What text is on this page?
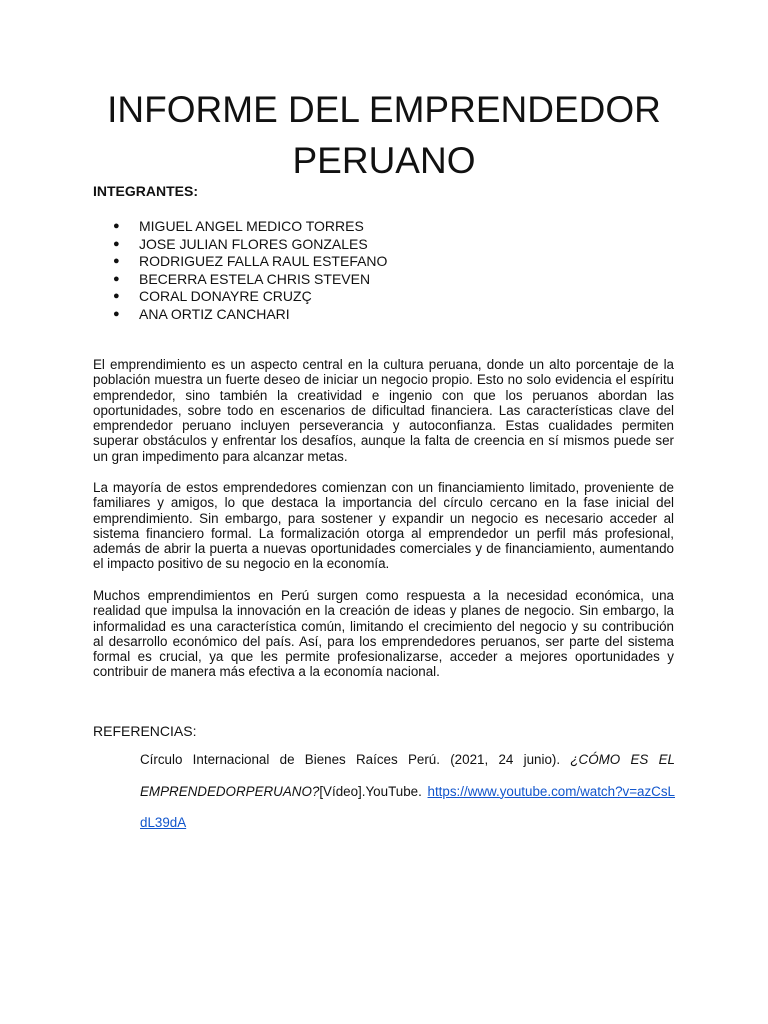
INFORME DEL EMPRENDEDOR PERUANO

INTEGRANTES:

● MIGUEL ANGEL MEDICO TORRES
● JOSE JULIAN FLORES GONZALES
● RODRIGUEZ FALLA RAUL ESTEFANO
● BECERRA ESTELA CHRIS STEVEN
● CORAL DONAYRE CRUZÇ
● ANA ORTIZ CANCHARI

El emprendimiento es un aspecto central en la cultura peruana, donde un alto porcentaje de la población muestra un fuerte deseo de iniciar un negocio propio. Esto no solo evidencia el espíritu emprendedor, sino también la creatividad e ingenio con que los peruanos abordan las oportunidades, sobre todo en escenarios de dificultad financiera. Las características clave del emprendedor peruano incluyen perseverancia y autoconfianza. Estas cualidades permiten superar obstáculos y enfrentar los desafíos, aunque la falta de creencia en sí mismos puede ser un gran impedimento para alcanzar metas.

La mayoría de estos emprendedores comienzan con un financiamiento limitado, proveniente de familiares y amigos, lo que destaca la importancia del círculo cercano en la fase inicial del emprendimiento. Sin embargo, para sostener y expandir un negocio es necesario acceder al sistema financiero formal. La formalización otorga al emprendedor un perfil más profesional, además de abrir la puerta a nuevas oportunidades comerciales y de financiamiento, aumentando el impacto positivo de su negocio en la economía.

Muchos emprendimientos en Perú surgen como respuesta a la necesidad económica, una realidad que impulsa la innovación en la creación de ideas y planes de negocio. Sin embargo, la informalidad es una característica común, limitando el crecimiento del negocio y su contribución al desarrollo económico del país. Así, para los emprendedores peruanos, ser parte del sistema formal es crucial, ya que les permite profesionalizarse, acceder a mejores oportunidades y contribuir de manera más efectiva a la economía nacional.

REFERENCIAS:

Círculo Internacional de Bienes Raíces Perú. (2021, 24 junio). ¿CÓMO ES EL EMPRENDEDORPERUANO?[Vídeo].YouTube. https://www.youtube.com/watch?v=azCsLdL39dA
